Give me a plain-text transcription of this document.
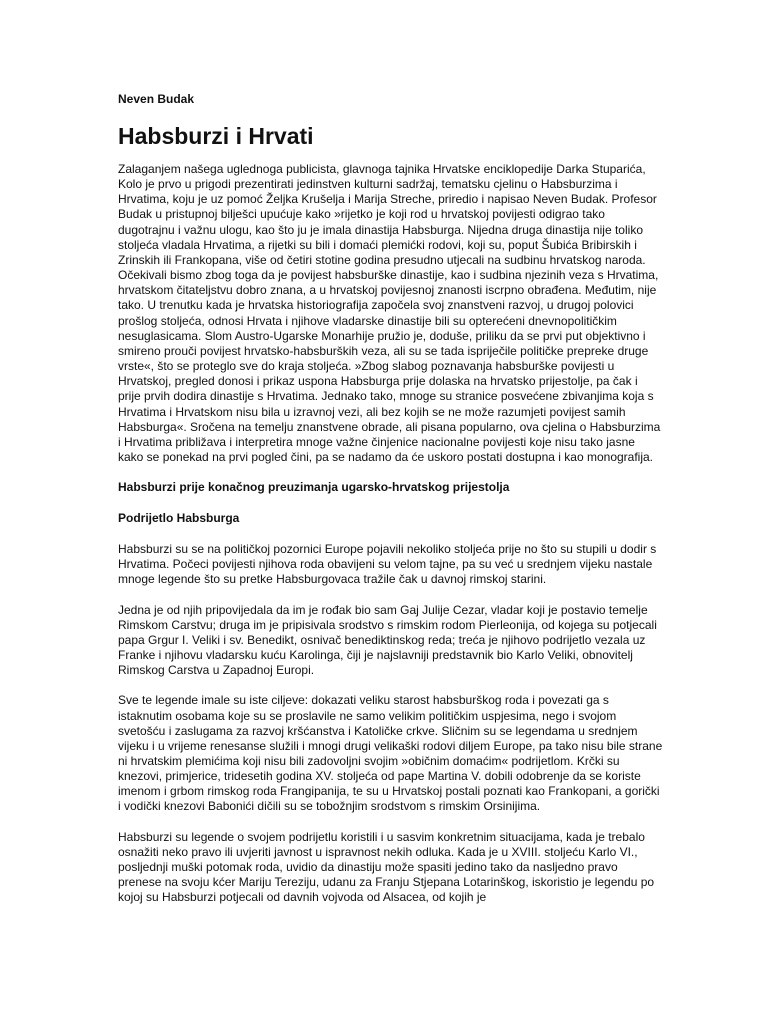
Neven Budak
Habsburzi i Hrvati
Zalaganjem našega uglednoga publicista, glavnoga tajnika Hrvatske enciklopedije Darka Stuparića, Kolo je prvo u prigodi prezentirati jedinstven kulturni sadržaj, tematsku cjelinu o Habsburzima i Hrvatima, koju je uz pomoć Željka Krušelja i Marija Streche, priredio i napisao Neven Budak. Profesor Budak u pristupnoj bilješci upućuje kako »rijetko je koji rod u hrvatskoj povijesti odigrao tako dugotrajnu i važnu ulogu, kao što ju je imala dinastija Habsburga. Nijedna druga dinastija nije toliko stoljeća vladala Hrvatima, a rijetki su bili i domaći plemićki rodovi, koji su, poput Šubića Bribirskih i Zrinskih ili Frankopana, više od četiri stotine godina presudno utjecali na sudbinu hrvatskog naroda. Očekivali bismo zbog toga da je povijest habsburške dinastije, kao i sudbina njezinih veza s Hrvatima, hrvatskom čitateljstvu dobro znana, a u hrvatskoj povijesnoj znanosti iscrpno obrađena. Međutim, nije tako. U trenutku kada je hrvatska historiografija započela svoj znanstveni razvoj, u drugoj polovici prošlog stoljeća, odnosi Hrvata i njihove vladarske dinastije bili su opterećeni dnevnopolitičkim nesuglasicama. Slom Austro-Ugarske Monarhije pružio je, doduše, priliku da se prvi put objektivno i smireno prouči povijest hrvatsko-habsburških veza, ali su se tada ispriječile političke prepreke druge vrste«, što se proteglo sve do kraja stoljeća. »Zbog slabog poznavanja habsburške povijesti u Hrvatskoj, pregled donosi i prikaz uspona Habsburga prije dolaska na hrvatsko prijestolje, pa čak i prije prvih dodira dinastije s Hrvatima. Jednako tako, mnoge su stranice posvećene zbivanjima koja s Hrvatima i Hrvatskom nisu bila u izravnoj vezi, ali bez kojih se ne može razumjeti povijest samih Habsburga«. Sročena na temelju znanstvene obrade, ali pisana popularno, ova cjelina o Habsburzima i Hrvatima približava i interpretira mnoge važne činjenice nacionalne povijesti koje nisu tako jasne kako se ponekad na prvi pogled čini, pa se nadamo da će uskoro postati dostupna i kao monografija.
Habsburzi prije konačnog preuzimanja ugarsko-hrvatskog prijestolja
Podrijetlo Habsburga
Habsburzi su se na političkoj pozornici Europe pojavili nekoliko stoljeća prije no što su stupili u dodir s Hrvatima. Počeci povijesti njihova roda obavijeni su velom tajne, pa su već u srednjem vijeku nastale mnoge legende što su pretke Habsburgovaca tražile čak u davnoj rimskoj starini.
Jedna je od njih pripovijedala da im je rođak bio sam Gaj Julije Cezar, vladar koji je postavio temelje Rimskom Carstvu; druga im je pripisivala srodstvo s rimskim rodom Pierleonija, od kojega su potjecali papa Grgur I. Veliki i sv. Benedikt, osnivač benediktinskog reda; treća je njihovo podrijetlo vezala uz Franke i njihovu vladarsku kuću Karolinga, čiji je najslavniji predstavnik bio Karlo Veliki, obnovitelj Rimskog Carstva u Zapadnoj Europi.
Sve te legende imale su iste ciljeve: dokazati veliku starost habsburškog roda i povezati ga s istaknutim osobama koje su se proslavile ne samo velikim političkim uspjesima, nego i svojom svetošću i zaslugama za razvoj kršćanstva i Katoličke crkve. Sličnim su se legendama u srednjem vijeku i u vrijeme renesanse služili i mnogi drugi velikaški rodovi diljem Europe, pa tako nisu bile strane ni hrvatskim plemićima koji nisu bili zadovoljni svojim »običnim domaćim« podrijetlom. Krčki su knezovi, primjerice, tridesetih godina XV. stoljeća od pape Martina V. dobili odobrenje da se koriste imenom i grbom rimskog roda Frangipanija, te su u Hrvatskoj postali poznati kao Frankopani, a gorički i vodički knezovi Babonići dičili su se tobožnjim srodstvom s rimskim Orsinijima.
Habsburzi su legende o svojem podrijetlu koristili i u sasvim konkretnim situacijama, kada je trebalo osnažiti neko pravo ili uvjeriti javnost u ispravnost nekih odluka. Kada je u XVIII. stoljeću Karlo VI., posljednji muški potomak roda, uvidio da dinastiju može spasiti jedino tako da nasljedno pravo prenese na svoju kćer Mariju Tereziju, udanu za Franju Stjepana Lotarinškog, iskoristio je legendu po kojoj su Habsburzi potjecali od davnih vojvoda od Alsacea, od kojih je
